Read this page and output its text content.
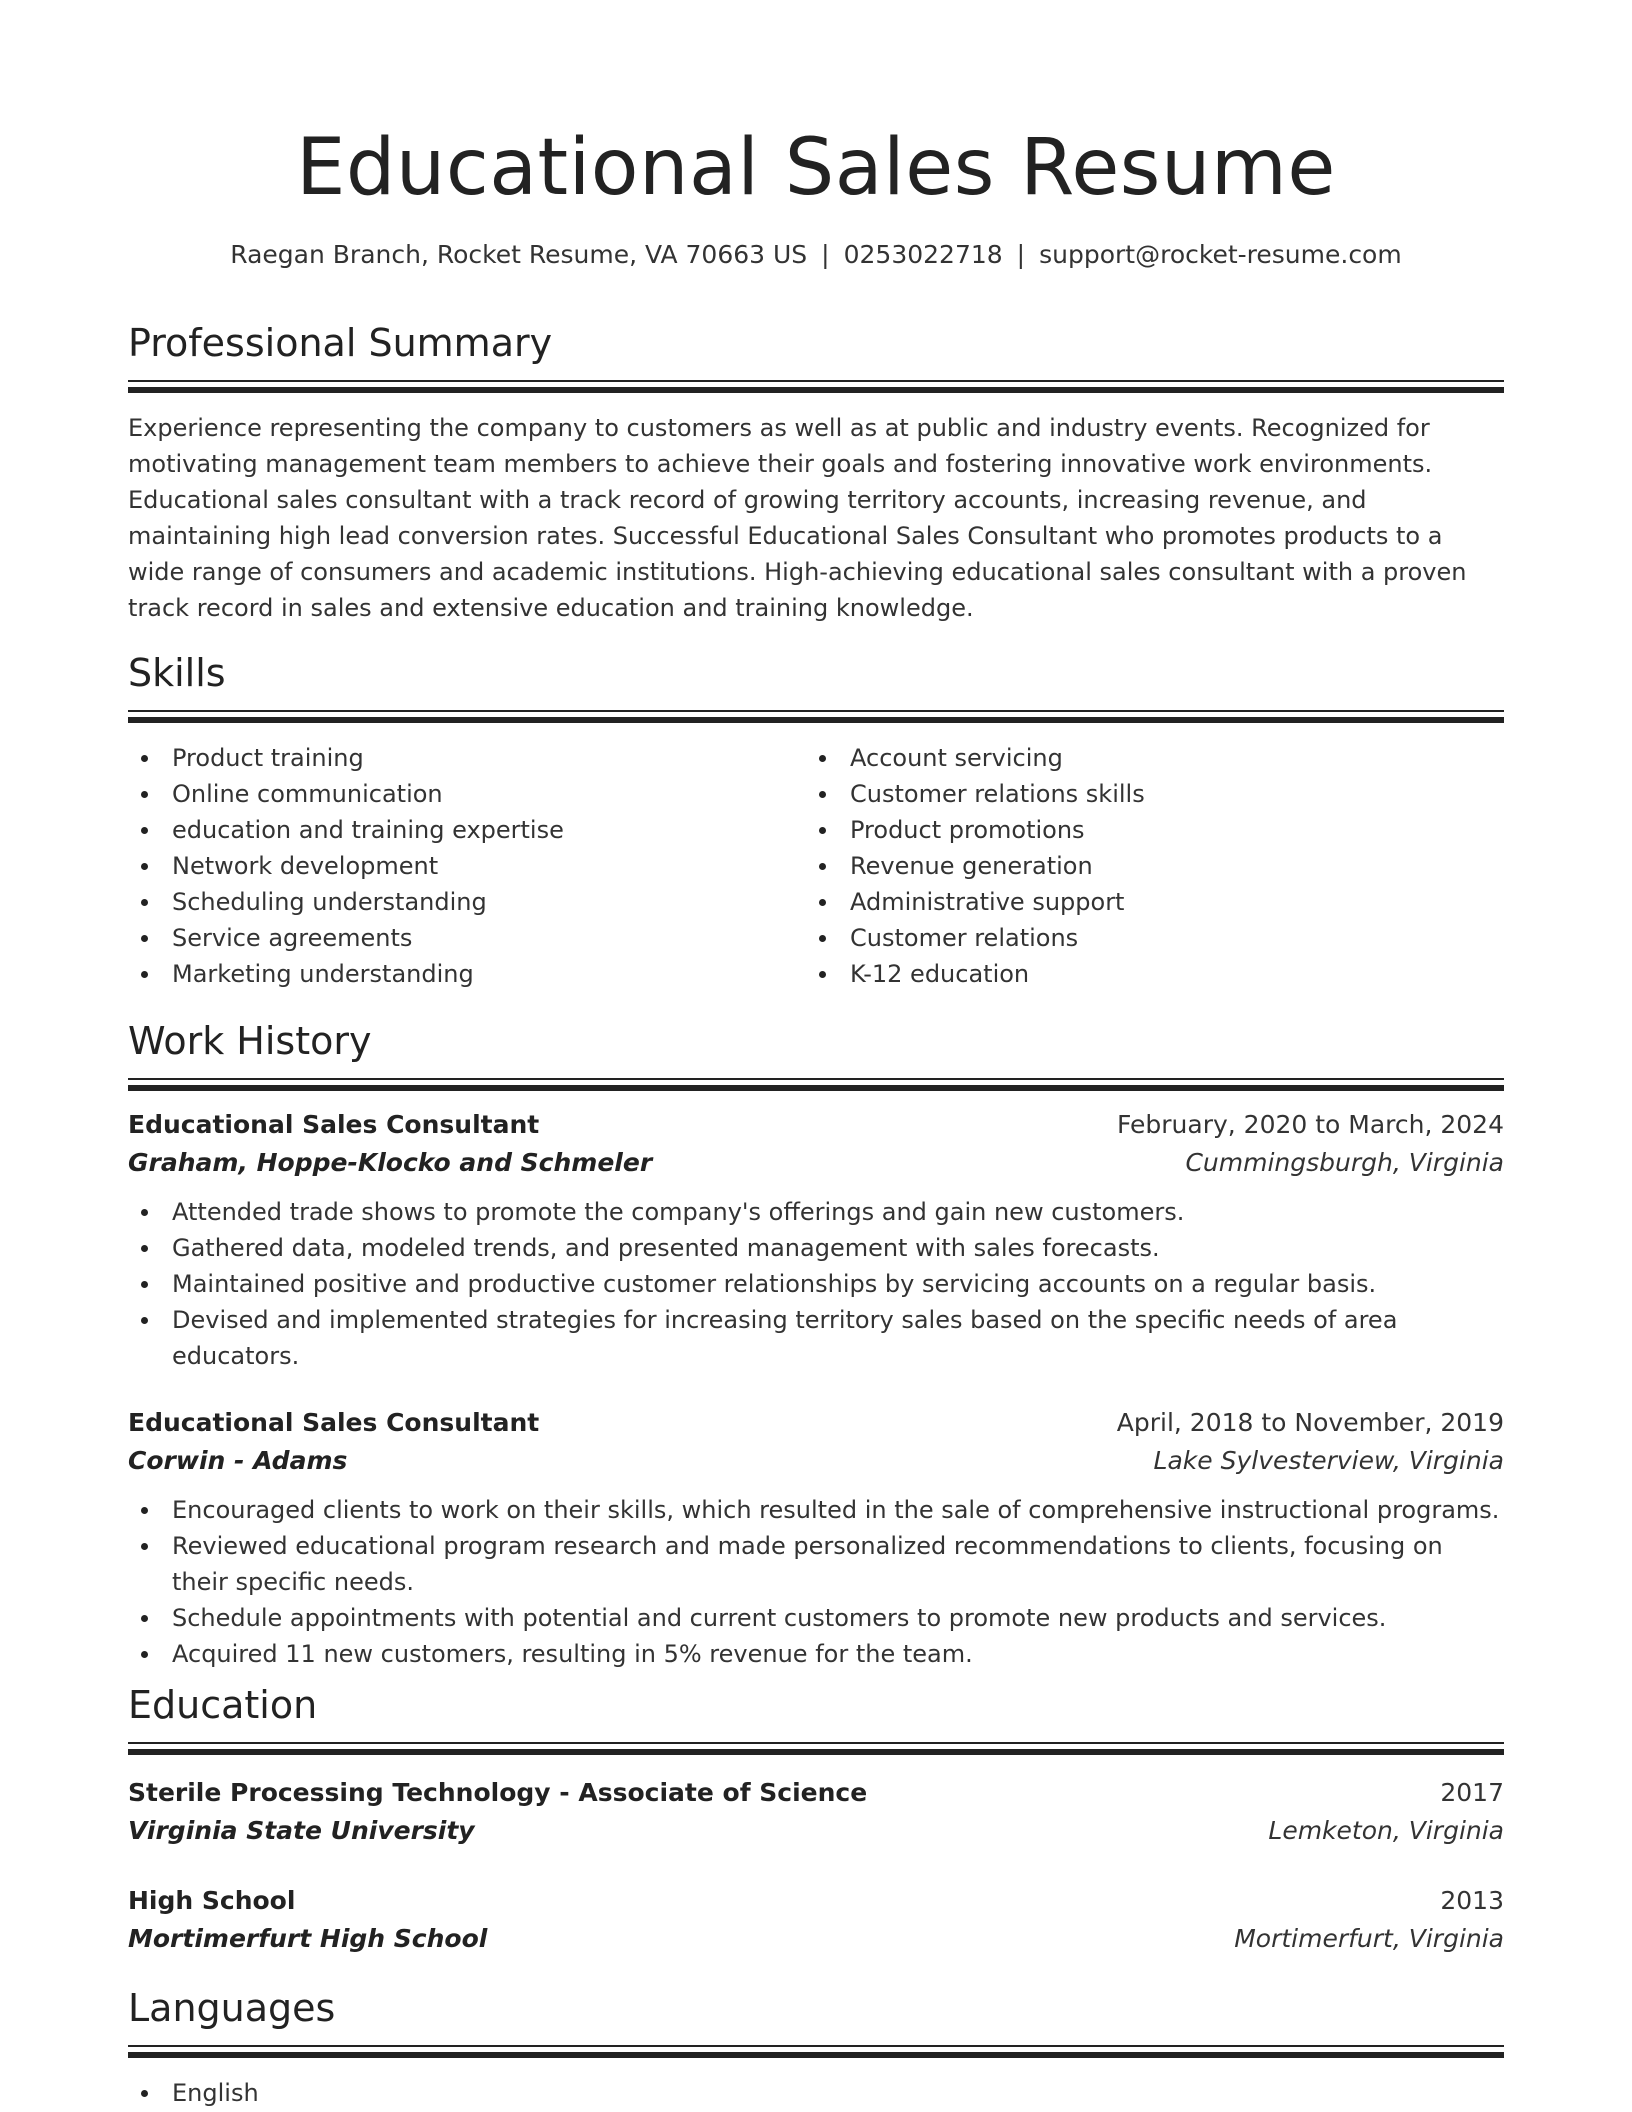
Educational Sales Resume
Raegan Branch, Rocket Resume, VA 70663 US | 0253022718 | support@rocket-resume.com
Professional Summary
Experience representing the company to customers as well as at public and industry events. Recognized for motivating management team members to achieve their goals and fostering innovative work environments. Educational sales consultant with a track record of growing territory accounts, increasing revenue, and maintaining high lead conversion rates. Successful Educational Sales Consultant who promotes products to a wide range of consumers and academic institutions. High-achieving educational sales consultant with a proven track record in sales and extensive education and training knowledge.
Skills
Product training
Online communication
education and training expertise
Network development
Scheduling understanding
Service agreements
Marketing understanding
Account servicing
Customer relations skills
Product promotions
Revenue generation
Administrative support
Customer relations
K-12 education
Work History
Educational Sales Consultant	February, 2020 to March, 2024
Graham, Hoppe-Klocko and Schmeler	Cummingsburgh, Virginia
Attended trade shows to promote the company's offerings and gain new customers.
Gathered data, modeled trends, and presented management with sales forecasts.
Maintained positive and productive customer relationships by servicing accounts on a regular basis.
Devised and implemented strategies for increasing territory sales based on the specific needs of area educators.
Educational Sales Consultant	April, 2018 to November, 2019
Corwin - Adams	Lake Sylvesterview, Virginia
Encouraged clients to work on their skills, which resulted in the sale of comprehensive instructional programs.
Reviewed educational program research and made personalized recommendations to clients, focusing on their specific needs.
Schedule appointments with potential and current customers to promote new products and services.
Acquired 11 new customers, resulting in 5% revenue for the team.
Education
Sterile Processing Technology - Associate of Science	2017
Virginia State University	Lemketon, Virginia
High School	2013
Mortimerfurt High School	Mortimerfurt, Virginia
Languages
English
